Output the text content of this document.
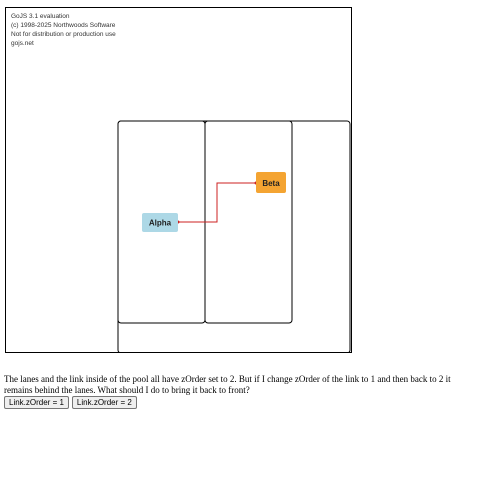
GoJS 3.1 evaluation
(c) 1998-2025 Northwoods Software
Not for distribution or production use
gojs.net
Alpha
Beta

The lanes and the link inside of the pool all have zOrder set to 2. But if I change zOrder of the link to 1 and then back to 2 it remains behind the lanes. What should I do to bring it back to front?

Link.zOrder = 1	Link.zOrder = 2
